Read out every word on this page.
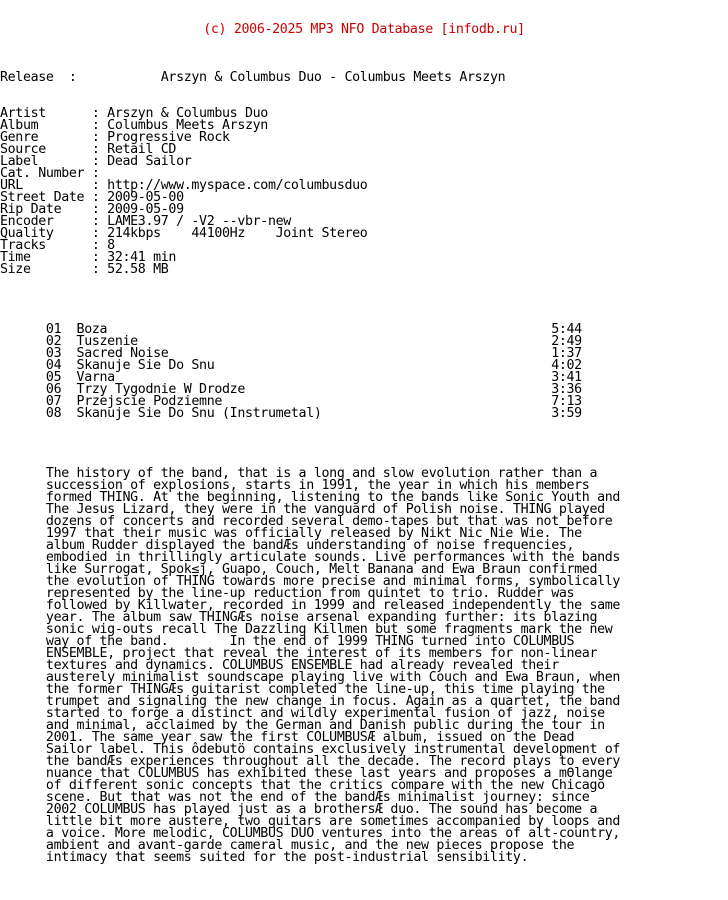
(c) 2006-2025 MP3 NFO Database [infodb.ru]

Release  :           Arszyn & Columbus Duo - Columbus Meets Arszyn
Artist      : Arszyn & Columbus Duo
Album       : Columbus Meets Arszyn
Genre       : Progressive Rock
Source      : Retail CD
Label       : Dead Sailor
Cat. Number :
URL         : http://www.myspace.com/columbusduo
Street Date : 2009-05-00
Rip Date    : 2009-05-09
Encoder     : LAME3.97 / -V2 --vbr-new
Quality     : 214kbps    44100Hz    Joint Stereo
Tracks      : 8
Time        : 32:41 min
Size        : 52.58 MB
01  Boza                                                          5:44
02  Tuszenie                                                      2:49
03  Sacred Noise                                                  1:37
04  Skanuje Sie Do Snu                                            4:02
05  Varna                                                         3:41
06  Trzy Tygodnie W Drodze                                        3:36
07  Przejscie Podziemne                                           7:13
08  Skanuje Sie Do Snu (Instrumetal)                              3:59
The history of the band, that is a long and slow evolution rather than a
succession of explosions, starts in 1991, the year in which his members
formed THING. At the beginning, listening to the bands like Sonic Youth and
The Jesus Lizard, they were in the vanguard of Polish noise. THING played
dozens of concerts and recorded several demo-tapes but that was not before
1997 that their music was officially released by Nikt Nic Nie Wie. The
album Rudder displayed the bandÆs understanding of noise frequencies,
embodied in thrillingly articulate sounds. Live performances with the bands
like Surrogat, Spok≤j, Guapo, Couch, Melt Banana and Ewa Braun confirmed
the evolution of THING towards more precise and minimal forms, symbolically
represented by the line-up reduction from quintet to trio. Rudder was
followed by Killwater, recorded in 1999 and released independently the same
year. The album saw THINGÆs noise arsenal expanding further: its blazing
sonic wig-outs recall The Dazzling Killmen but some fragments mark the new
way of the band.        In the end of 1999 THING turned into COLUMBUS
ENSEMBLE, project that reveal the interest of its members for non-linear
textures and dynamics. COLUMBUS ENSEMBLE had already revealed their
austerely minimalist soundscape playing live with Couch and Ewa Braun, when
the former THINGÆs guitarist completed the line-up, this time playing the
trumpet and signaling the new change in focus. Again as a quartet, the band
started to forge a distinct and wildly experimental fusion of jazz, noise
and minimal, acclaimed by the German and Danish public during the tour in
2001. The same year saw the first COLUMBUSÆ album, issued on the Dead
Sailor label. This ôdebutö contains exclusively instrumental development of
the bandÆs experiences throughout all the decade. The record plays to every
nuance that COLUMBUS has exhibited these last years and proposes a mΘlange
of different sonic concepts that the critics compare with the new Chicago
scene. But that was not the end of the bandÆs minimalist journey: since
2002 COLUMBUS has played just as a brothersÆ duo. The sound has become a
little bit more austere, two guitars are sometimes accompanied by loops and
a voice. More melodic, COLUMBUS DUO ventures into the areas of alt-country,
ambient and avant-garde cameral music, and the new pieces propose the
intimacy that seems suited for the post-industrial sensibility.
